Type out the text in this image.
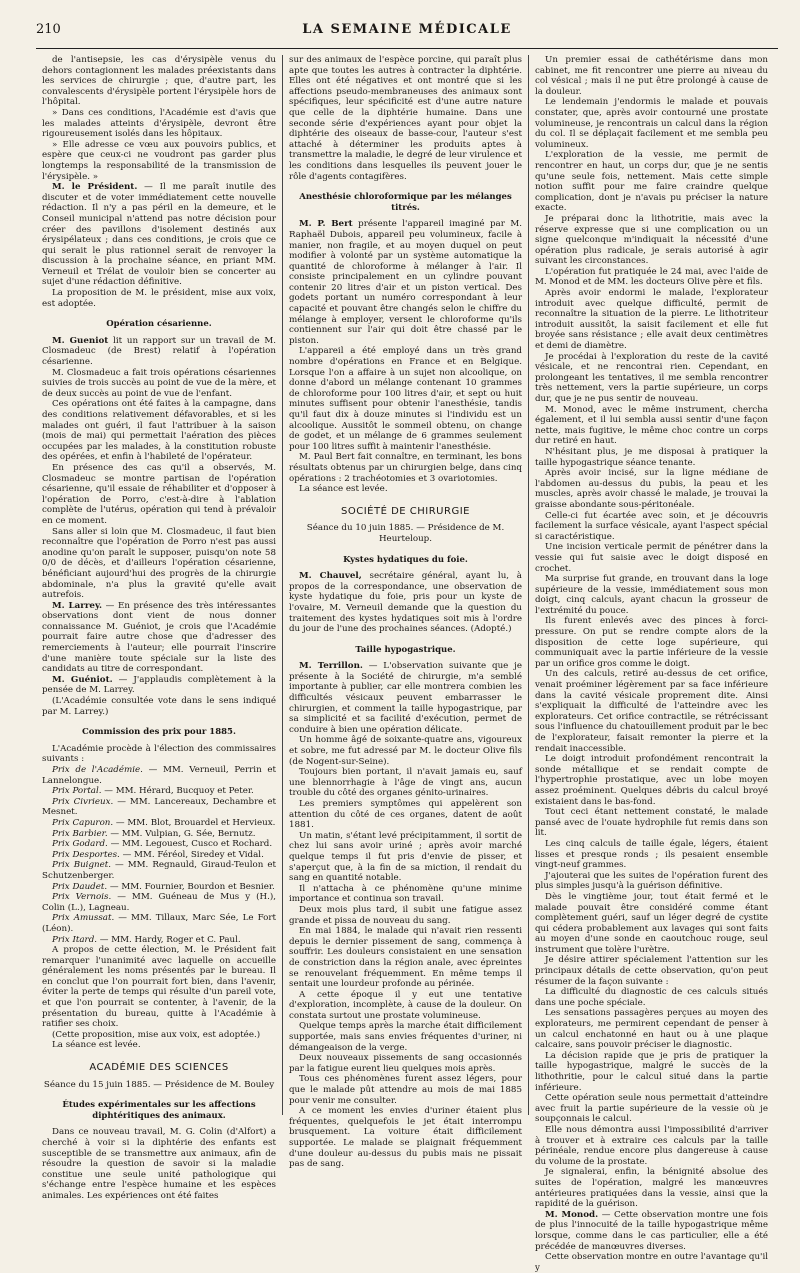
210	LA SEMAINE MÉDICALE

de l'antisepsie, les cas d'érysipèle venus du dehors contagionnent les malades préexistants dans les services de chirurgie ; que, d'autre part, les convalescents d'érysipèle portent l'érysipèle hors de l'hôpital.

» Dans ces conditions, l'Académie est d'avis que les malades atteints d'érysipèle, devront être rigoureusement isolés dans les hôpitaux.

» Elle adresse ce vœu aux pouvoirs publics, et espère que ceux-ci ne voudront pas garder plus longtemps la responsabilité de la transmission de l'érysipèle. »

M. le Président. — Il me paraît inutile des discuter et de voter immédiatement cette nouvelle rédaction. Il n'y a pas péril en la demeure, et le Conseil municipal n'attend pas notre décision pour créer des pavillons d'isolement destinés aux érysipélateux ; dans ces conditions, je crois que ce qui serait le plus rationnel serait de renvoyer la discussion à la prochaine séance, en priant MM. Verneuil et Trélat de vouloir bien se concerter au sujet d'une rédaction définitive.

La proposition de M. le président, mise aux voix, est adoptée.

Opération césarienne.

M. Gueniot lit un rapport sur un travail de M. Closmadeuc (de Brest) relatif à l'opération césarienne.

M. Closmadeuc a fait trois opérations césariennes suivies de trois succès au point de vue de la mère, et de deux succès au point de vue de l'enfant.

Ces opérations ont été faites à la campagne, dans des conditions relativement défavorables, et si les malades ont guéri, il faut l'attribuer à la saison (mois de mai) qui permettait l'aération des pièces occupées par les malades, à la constitution robuste des opérées, et enfin à l'habileté de l'opérateur.

En présence des cas qu'il a observés, M. Closmadeuc se montre partisan de l'opération césarienne, qu'il essaie de réhabiliter et d'opposer à l'opération de Porro, c'est-à-dire à l'ablation complète de l'utérus, opération qui tend à prévaloir en ce moment.

Sans aller si loin que M. Closmadeuc, il faut bien reconnaître que l'opération de Porro n'est pas aussi anodine qu'on paraît le supposer, puisqu'on note 58 0/0 de décès, et d'ailleurs l'opération césarienne, bénéficiant aujourd'hui des progrès de la chirurgie abdominale, n'a plus la gravité qu'elle avait autrefois.

M. Larrey. — En présence des très intéressantes observations dont vient de nous donner connaissance M. Guéniot, je crois que l'Académie pourrait faire autre chose que d'adresser des remerciements à l'auteur; elle pourrait l'inscrire d'une manière toute spéciale sur la liste des candidats au titre de correspondant.

M. Guéniot. — J'applaudis complètement à la pensée de M. Larrey.

(L'Académie consultée vote dans le sens indiqué par M. Larrey.)

Commission des prix pour 1885.

L'Académie procède à l'élection des commissaires suivants :

Prix de l'Académie. — MM. Verneuil, Perrin et Lannelongue.

Prix Portal. — MM. Hérard, Bucquoy et Peter.

Prix Civrieux. — MM. Lancereaux, Dechambre et Mesnet.

Prix Capuron. — MM. Blot, Brouardel et Hervieux.

Prix Barbier. — MM. Vulpian, G. Sée, Bernutz.

Prix Godard. — MM. Legouest, Cusco et Rochard.

Prix Desportes. — MM. Féréol, Siredey et Vidal.

Prix Buignet. — MM. Regnauld, Giraud-Teulon et Schutzenberger.

Prix Daudet. — MM. Fournier, Bourdon et Besnier.

Prix Vernois. — MM. Guéneau de Mus y (H.), Colin (L.), Lagneau.

Prix Amussat. — MM. Tillaux, Marc Sée, Le Fort (Léon).

Prix Itard. — MM. Hardy, Roger et C. Paul.

A propos de cette élection, M. le Président fait remarquer l'unanimité avec laquelle on accueille généralement les noms présentés par le bureau. Il en conclut que l'on pourrait fort bien, dans l'avenir, éviter la perte de temps qui résulte d'un pareil vote, et que l'on pourrait se contenter, à l'avenir, de la présentation du bureau, quitte à l'Académie à ratifier ses choix.

(Cette proposition, mise aux voix, est adoptée.)

La séance est levée.

ACADÉMIE DES SCIENCES
Séance du 15 juin 1885. — Présidence de M. Bouley
Études expérimentales sur les affections diphtéritiques des animaux.

Dans ce nouveau travail, M. G. Colin (d'Alfort) a cherché à voir si la diphtérie des enfants est susceptible de se transmettre aux animaux, afin de résoudre la question de savoir si la maladie constitue une seule unité pathologique qui s'échange entre l'espèce humaine et les espèces animales. Les expériences ont été faites

sur des animaux de l'espèce porcine, qui paraît plus apte que toutes les autres à contracter la diphtérie. Elles ont été négatives et ont montré que si les affections pseudo-membraneuses des animaux sont spécifiques, leur spécificité est d'une autre nature que celle de la diphtérie humaine. Dans une seconde série d'expériences ayant pour objet la diphtérie des oiseaux de basse-cour, l'auteur s'est attaché à déterminer les produits aptes à transmettre la maladie, le degré de leur virulence et les conditions dans lesquelles ils peuvent jouer le rôle d'agents contagifères.

Anesthésie chloroformique par les mélanges titrés.

M. P. Bert présente l'appareil imaginé par M. Raphaël Dubois, appareil peu volumineux, facile à manier, non fragile, et au moyen duquel on peut modifier à volonté par un système automatique la quantité de chloroforme à mélanger à l'air. Il consiste principalement en un cylindre pouvant contenir 20 litres d'air et un piston vertical. Des godets portant un numéro correspondant à leur capacité et pouvant être changés selon le chiffre du mélange à employer, versent le chloroforme qu'ils contiennent sur l'air qui doit être chassé par le piston.

L'appareil a été employé dans un très grand nombre d'opérations en France et en Belgique. Lorsque l'on a affaire à un sujet non alcoolique, on donne d'abord un mélange contenant 10 grammes de chloroforme pour 100 litres d'air, et sept ou huit minutes suffisent pour obtenir l'anesthésie, tandis qu'il faut dix à douze minutes si l'individu est un alcoolique. Aussitôt le sommeil obtenu, on change de godet, et un mélange de 6 grammes seulement pour 100 litres suffit à maintenir l'anesthésie.

M. Paul Bert fait connaître, en terminant, les bons résultats obtenus par un chirurgien belge, dans cinq opérations : 2 trachéotomies et 3 ovariotomies.

La séance est levée.

SOCIÉTÉ DE CHIRURGIE
Séance du 10 juin 1885. — Présidence de M. Heurteloup.
Kystes hydatiques du foie.

M. Chauvel, secrétaire général, ayant lu, à propos de la correspondance, une observation de kyste hydatique du foie, pris pour un kyste de l'ovaire, M. Verneuil demande que la question du traitement des kystes hydatiques soit mis à l'ordre du jour de l'une des prochaines séances. (Adopté.)

Taille hypogastrique.

M. Terrillon. — L'observation suivante que je présente à la Société de chirurgie, m'a semblé importante à publier, car elle montrera combien les difficultés vésicaux peuvent embarrasser le chirurgien, et comment la taille hypogastrique, par sa simplicité et sa facilité d'exécution, permet de conduire à bien une opération délicate.

Un homme âgé de soixante-quatre ans, vigoureux et sobre, me fut adressé par M. le docteur Olive fils (de Nogent-sur-Seine).

Toujours bien portant, il n'avait jamais eu, sauf une blennorrhagie à l'âge de vingt ans, aucun trouble du côté des organes génito-urinaires.

Les premiers symptômes qui appelèrent son attention du côté de ces organes, datent de août 1881.

Un matin, s'étant levé précipitamment, il sortit de chez lui sans avoir uriné ; après avoir marché quelque temps il fut pris d'envie de pisser, et s'aperçut que, à la fin de sa miction, il rendait du sang en quantité notable.

Il n'attacha à ce phénomène qu'une minime importance et continua son travail.

Deux mois plus tard, il subit une fatigue assez grande et pissa de nouveau du sang.

En mai 1884, le malade qui n'avait rien ressenti depuis le dernier pissement de sang, commença à souffrir. Les douleurs consistaient en une sensation de constriction dans la région anale, avec épreintes se renouvelant fréquemment. En même temps il sentait une lourdeur profonde au périnée.

A cette époque il y eut une tentative d'exploration, incomplète, à cause de la douleur. On constata surtout une prostate volumineuse.

Quelque temps après la marche était difficilement supportée, mais sans envies fréquentes d'uriner, ni démangeaison de la verge.

Deux nouveaux pissements de sang occasionnés par la fatigue eurent lieu quelques mois après.

Tous ces phénomènes furent assez légers, pour que le malade pût attendre au mois de mai 1885 pour venir me consulter.

A ce moment les envies d'uriner étaient plus fréquentes, quelquefois le jet était interrompu brusquement. La voiture était difficilement supportée. Le malade se plaignait fréquemment d'une douleur au-dessus du pubis mais ne pissait pas de sang.

Un premier essai de cathétérisme dans mon cabinet, me fit rencontrer une pierre au niveau du col vésical ; mais il ne put être prolongé à cause de la douleur.

Le lendemain j'endormis le malade et pouvais constater, que, après avoir contourné une prostate volumineuse, je rencontrais un calcul dans la région du col. Il se déplaçait facilement et me sembla peu volumineux.

L'exploration de la vessie, me permit de rencontrer en haut, un corps dur, que je ne sentis qu'une seule fois, nettement. Mais cette simple notion suffit pour me faire craindre quelque complication, dont je n'avais pu préciser la nature exacte.

Je préparai donc la lithotritie, mais avec la réserve expresse que si une complication ou un signe quelconque m'indiquait la nécessité d'une opération plus radicale, je serais autorisé à agir suivant les circonstances.

L'opération fut pratiquée le 24 mai, avec l'aide de M. Monod et de MM. les docteurs Olive père et fils.

Après avoir endormi le malade, l'explorateur introduit avec quelque difficulté, permit de reconnaître la situation de la pierre. Le lithotriteur introduit aussitôt, la saisit facilement et elle fut broyée sans résistance ; elle avait deux centimètres et demi de diamètre.

Je procédai à l'exploration du reste de la cavité vésicale, et ne rencontrai rien. Cependant, en prolongeant les tentatives, il me sembla rencontrer très nettement, vers la partie supérieure, un corps dur, que je ne pus sentir de nouveau.

M. Monod, avec le même instrument, chercha également, et il lui sembla aussi sentir d'une façon nette, mais fugitive, le même choc contre un corps dur retiré en haut.

N'hésitant plus, je me disposai à pratiquer la taille hypogastrique séance tenante.

Après avoir incisé, sur la ligne médiane de l'abdomen au-dessus du pubis, la peau et les muscles, après avoir chassé le malade, je trouvai la graisse abondante sous-péritonéale.

Celle-ci fut écartée avec soin, et je découvris facilement la surface vésicale, ayant l'aspect spécial si caractéristique.

Une incision verticale permit de pénétrer dans la vessie qui fut saisie avec le doigt disposé en crochet.

Ma surprise fut grande, en trouvant dans la loge supérieure de la vessie, immédiatement sous mon doigt, cinq calculs, ayant chacun la grosseur de l'extrémité du pouce.

Ils furent enlevés avec des pinces à forci-pressure. On put se rendre compte alors de la disposition de cette loge supérieure, qui communiquait avec la partie inférieure de la vessie par un orifice gros comme le doigt.

Un des calculs, retiré au-dessus de cet orifice, venait proéminer légèrement par sa face inférieure dans la cavité vésicale proprement dite. Ainsi s'expliquait la difficulté de l'atteindre avec les explorateurs. Cet orifice contractile, se rétrécissant sous l'influence du chatouillement produit par le bec de l'explorateur, faisait remonter la pierre et la rendait inaccessible.

Le doigt introduit profondément rencontrait la sonde métallique et se rendait compte de l'hypertrophie prostatique, avec un lobe moyen assez proéminent. Quelques débris du calcul broyé existaient dans le bas-fond.

Tout ceci étant nettement constaté, le malade pansé avec de l'ouate hydrophile fut remis dans son lit.

Les cinq calculs de taille égale, légers, étaient lisses et presque ronds ; ils pesaient ensemble vingt-neuf grammes.

J'ajouterai que les suites de l'opération furent des plus simples jusqu'à la guérison définitive.

Dès le vingtième jour, tout était fermé et le malade pouvait être considéré comme étant complètement guéri, sauf un léger degré de cystite qui cédera probablement aux lavages qui sont faits au moyen d'une sonde en caoutchouc rouge, seul instrument que tolère l'urètre.

Je désire attirer spécialement l'attention sur les principaux détails de cette observation, qu'on peut résumer de la façon suivante :

La difficulté du diagnostic de ces calculs situés dans une poche spéciale.

Les sensations passagères perçues au moyen des explorateurs, me permirent cependant de penser à un calcul enchatonné en haut ou à une plaque calcaire, sans pouvoir préciser le diagnostic.

La décision rapide que je pris de pratiquer la taille hypogastrique, malgré le succès de la lithothritie, pour le calcul situé dans la partie inférieure.

Cette opération seule nous permettait d'atteindre avec fruit la partie supérieure de la vessie où je soupçonnais le calcul.

Elle nous démontra aussi l'impossibilité d'arriver à trouver et à extraire ces calculs par la taille périnéale, rendue encore plus dangereuse à cause du volume de la prostate.

Je signalerai, enfin, la bénignité absolue des suites de l'opération, malgré les manœuvres antérieures pratiquées dans la vessie, ainsi que la rapidité de la guérison.

M. Monod. — Cette observation montre une fois de plus l'innocuité de la taille hypogastrique même lorsque, comme dans le cas particulier, elle a été précédée de manœuvres diverses.

Cette observation montre en outre l'avantage qu'il y
